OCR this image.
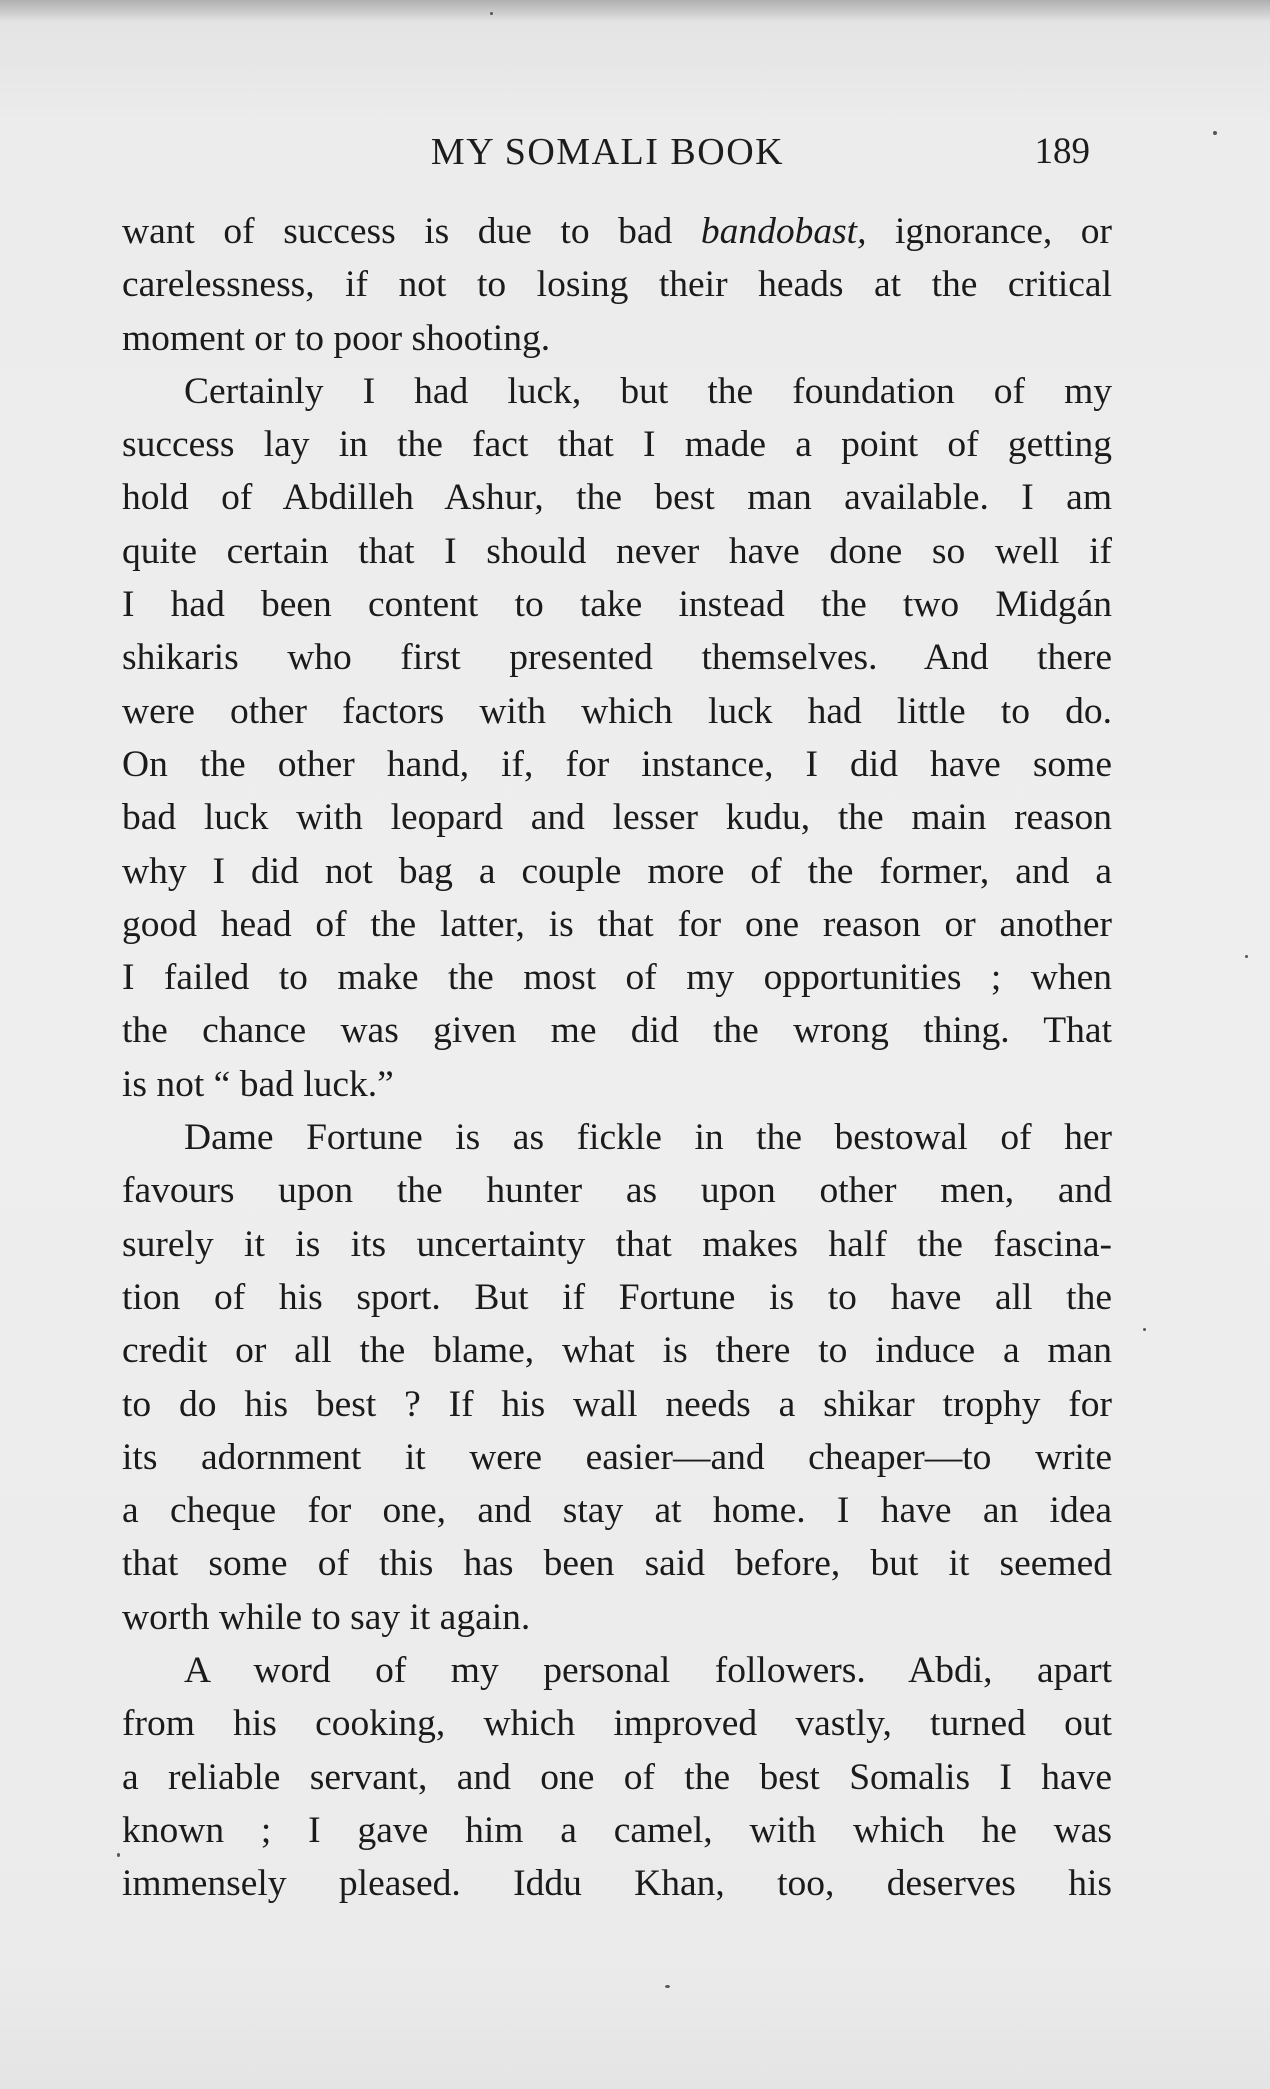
MY SOMALI BOOK	189
want of success is due to bad bandobast, ignorance, or
carelessness, if not to losing their heads at the critical
moment or to poor shooting.
Certainly I had luck, but the foundation of my
success lay in the fact that I made a point of getting
hold of Abdilleh Ashur, the best man available. I am
quite certain that I should never have done so well if
I had been content to take instead the two Midgán
shikaris who first presented themselves. And there
were other factors with which luck had little to do.
On the other hand, if, for instance, I did have some
bad luck with leopard and lesser kudu, the main reason
why I did not bag a couple more of the former, and a
good head of the latter, is that for one reason or another
I failed to make the most of my opportunities ; when
the chance was given me did the wrong thing. That
is not “ bad luck.”
Dame Fortune is as fickle in the bestowal of her
favours upon the hunter as upon other men, and
surely it is its uncertainty that makes half the fascina-
tion of his sport. But if Fortune is to have all the
credit or all the blame, what is there to induce a man
to do his best ? If his wall needs a shikar trophy for
its adornment it were easier—and cheaper—to write
a cheque for one, and stay at home. I have an idea
that some of this has been said before, but it seemed
worth while to say it again.
A word of my personal followers. Abdi, apart
from his cooking, which improved vastly, turned out
a reliable servant, and one of the best Somalis I have
known ; I gave him a camel, with which he was
immensely pleased. Iddu Khan, too, deserves his
